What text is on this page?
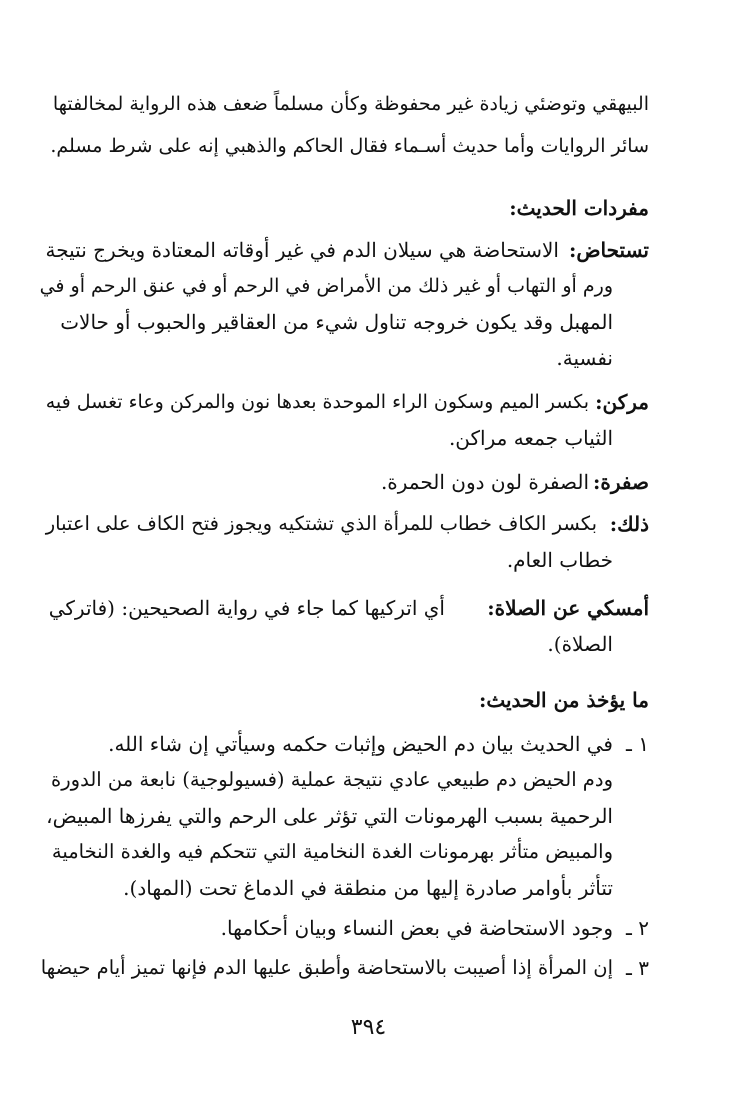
البيهقي وتوضئي زيادة غير محفوظة وكأن مسلماً ضعف هذه الرواية لمخالفتها
سائر الروايات وأما حديث أسـماء فقال الحاكم والذهبي إنه على شرط مسلم.
مفردات الحديث:
تستحاض:
الاستحاضة هي سيلان الدم في غير أوقاته المعتادة ويخرج نتيجة
ورم أو التهاب أو غير ذلك من الأمراض في الرحم أو في عنق الرحم أو في
المهبل وقد يكون خروجه تناول شيء من العقاقير والحبوب أو حالات
نفسية.
مركن:
بكسر الميم وسكون الراء الموحدة بعدها نون والمركن وعاء تغسل فيه
الثياب جمعه مراكن.
صفرة:
الصفرة لون دون الحمرة.
ذلك:
بكسر الكاف خطاب للمرأة الذي تشتكيه ويجوز فتح الكاف على اعتبار
خطاب العام.
أمسكي عن الصلاة:
أي اتركيها كما جاء في رواية الصحيحين: (فاتركي
الصلاة).
ما يؤخذ من الحديث:
١ ـ
في الحديث بيان دم الحيض وإثبات حكمه وسيأتي إن شاء الله.
ودم الحيض دم طبيعي عادي نتيجة عملية (فسيولوجية) نابعة من الدورة
الرحمية بسبب الهرمونات التي تؤثر على الرحم والتي يفرزها المبيض،
والمبيض متأثر بهرمونات الغدة النخامية التي تتحكم فيه والغدة النخامية
تتأثر بأوامر صادرة إليها من منطقة في الدماغ تحت (المهاد).
٢ ـ
وجود الاستحاضة في بعض النساء وبيان أحكامها.
٣ ـ
إن المرأة إذا أصيبت بالاستحاضة وأطبق عليها الدم فإنها تميز أيام حيضها
٣٩٤
